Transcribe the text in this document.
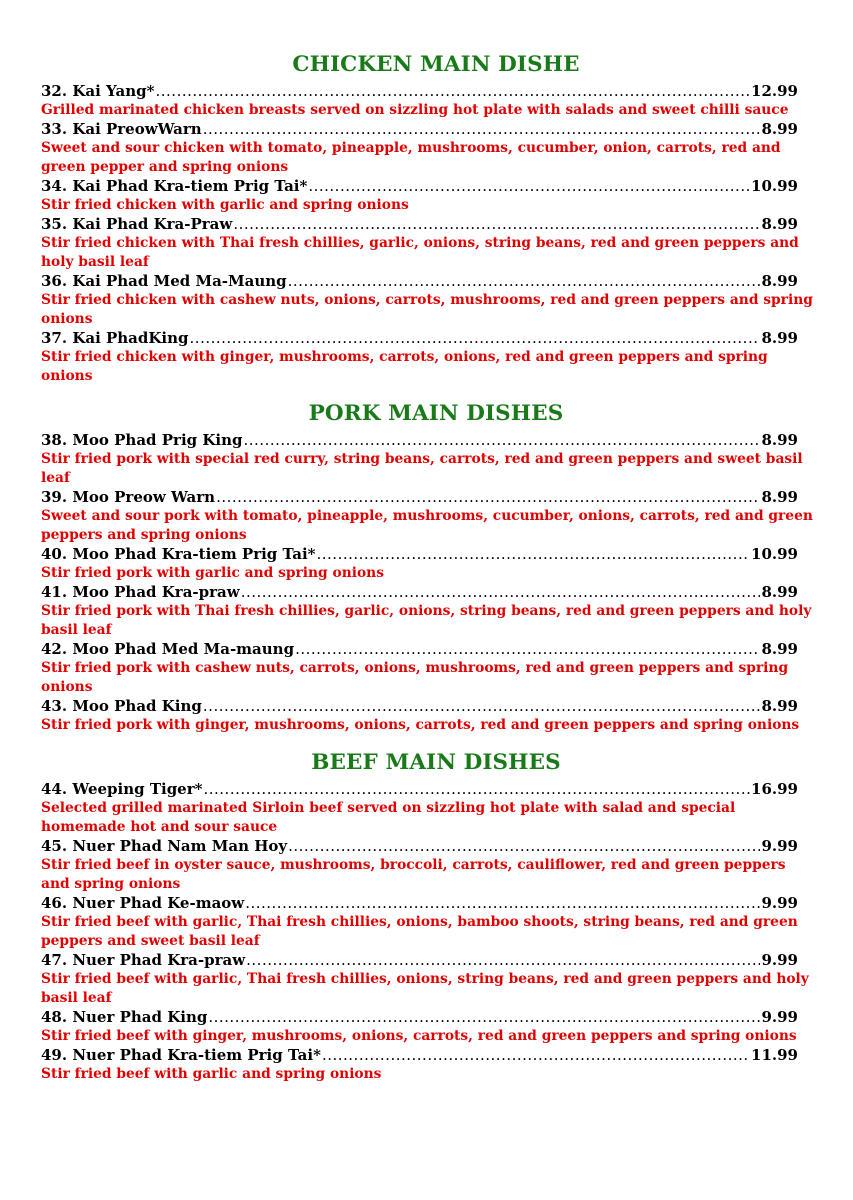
CHICKEN MAIN DISHE
32. Kai Yang* .....	12.99
Grilled marinated chicken breasts served on sizzling hot plate with salads and sweet chilli sauce
33. Kai PreowWarn .....	8.99
Sweet and sour chicken with tomato, pineapple, mushrooms, cucumber, onion, carrots, red and green pepper and spring onions
34. Kai Phad Kra-tiem Prig Tai* .....	10.99
Stir fried chicken with garlic and spring onions
35. Kai Phad Kra-Praw .....	8.99
Stir fried chicken with Thai fresh chillies, garlic, onions, string beans, red and green peppers and holy basil leaf
36. Kai Phad Med Ma-Maung .....	8.99
Stir fried chicken with cashew nuts, onions, carrots, mushrooms, red and green peppers and spring onions
37. Kai PhadKing .....	8.99
Stir fried chicken with ginger, mushrooms, carrots, onions, red and green peppers and spring onions
PORK MAIN DISHES
38. Moo Phad Prig King .....	8.99
Stir fried pork with special red curry, string beans, carrots, red and green peppers and sweet basil leaf
39. Moo Preow Warn .....	8.99
Sweet and sour pork with tomato, pineapple, mushrooms, cucumber, onions, carrots, red and green peppers and spring onions
40. Moo Phad Kra-tiem Prig Tai* .....	10.99
Stir fried pork with garlic and spring onions
41. Moo Phad Kra-praw .....	8.99
Stir fried pork with Thai fresh chillies, garlic, onions, string beans, red and green peppers and holy basil leaf
42. Moo Phad Med Ma-maung .....	8.99
Stir fried pork with cashew nuts, carrots, onions, mushrooms, red and green peppers and spring onions
43. Moo Phad King .....	8.99
Stir fried pork with ginger, mushrooms, onions, carrots, red and green peppers and spring onions
BEEF MAIN DISHES
44. Weeping Tiger* .....	16.99
Selected grilled marinated Sirloin beef served on sizzling hot plate with salad and special homemade hot and sour sauce
45. Nuer Phad Nam Man Hoy .....	9.99
Stir fried beef in oyster sauce, mushrooms, broccoli, carrots, cauliflower, red and green peppers and spring onions
46. Nuer Phad Ke-maow .....	9.99
Stir fried beef with garlic, Thai fresh chillies, onions, bamboo shoots, string beans, red and green peppers and sweet basil leaf
47. Nuer Phad Kra-praw .....	9.99
Stir fried beef with garlic, Thai fresh chillies, onions, string beans, red and green peppers and holy basil leaf
48. Nuer Phad King .....	9.99
Stir fried beef with ginger, mushrooms, onions, carrots, red and green peppers and spring onions
49. Nuer Phad Kra-tiem Prig Tai* .....	11.99
Stir fried beef with garlic and spring onions
